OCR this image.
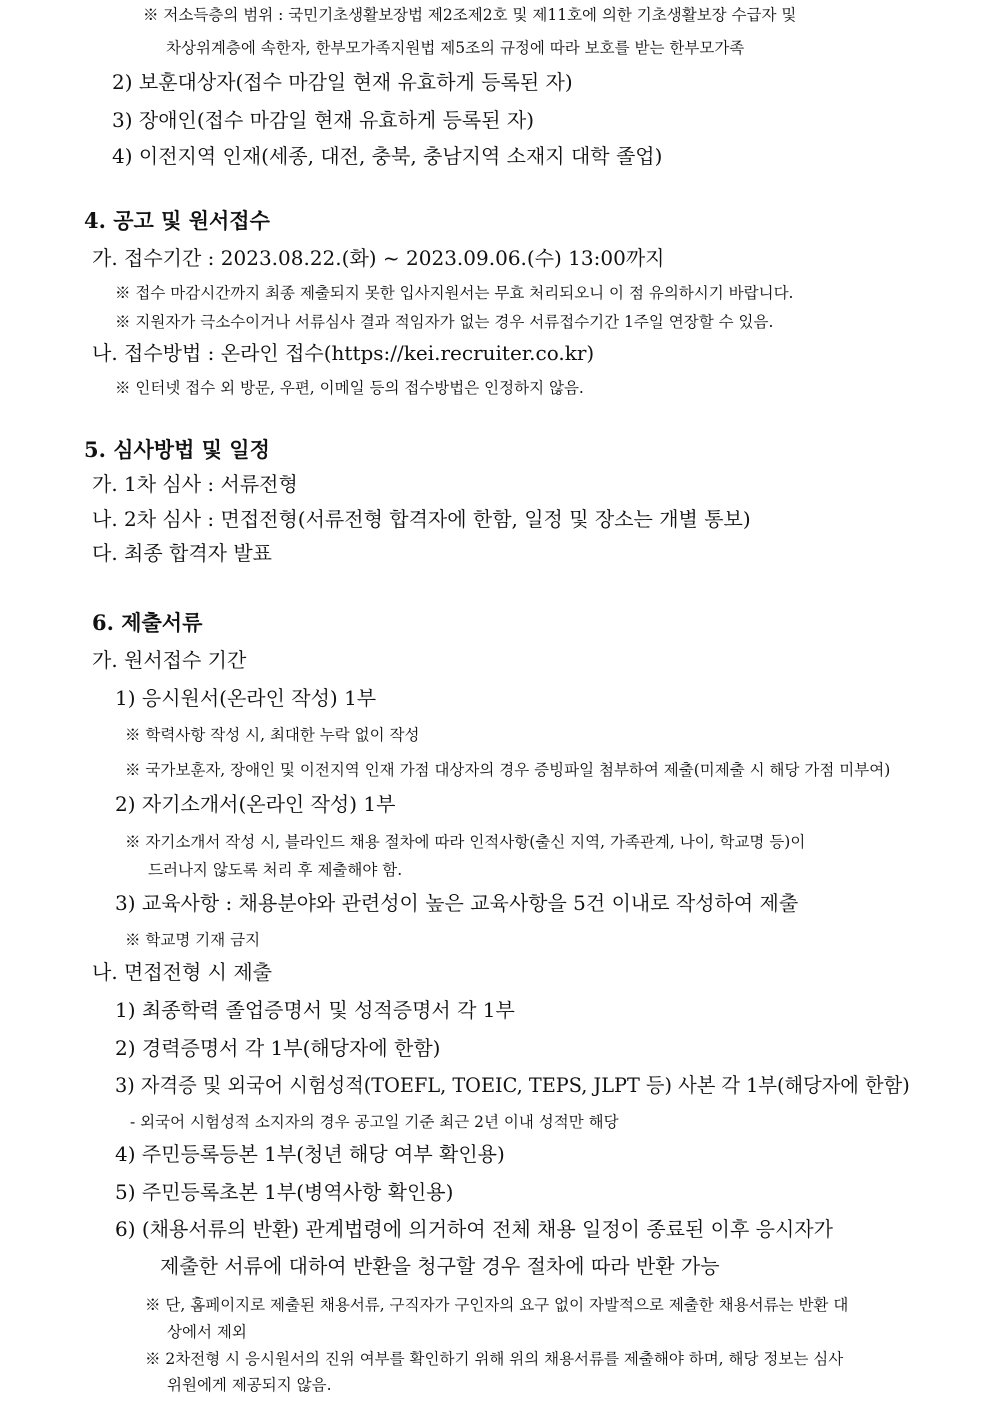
※ 저소득층의 범위 : 국민기초생활보장법 제2조제2호 및 제11호에 의한 기초생활보장 수급자 및
차상위계층에 속한자, 한부모가족지원법 제5조의 규정에 따라 보호를 받는 한부모가족
2) 보훈대상자(접수 마감일 현재 유효하게 등록된 자)
3) 장애인(접수 마감일 현재 유효하게 등록된 자)
4) 이전지역 인재(세종, 대전, 충북, 충남지역 소재지 대학 졸업)
4. 공고 및 원서접수
가. 접수기간 : 2023.08.22.(화) ~ 2023.09.06.(수) 13:00까지
※ 접수 마감시간까지 최종 제출되지 못한 입사지원서는 무효 처리되오니 이 점 유의하시기 바랍니다.
※ 지원자가 극소수이거나 서류심사 결과 적임자가 없는 경우 서류접수기간 1주일 연장할 수 있음.
나. 접수방법 : 온라인 접수(https://kei.recruiter.co.kr)
※ 인터넷 접수 외 방문, 우편, 이메일 등의 접수방법은 인정하지 않음.
5. 심사방법 및 일정
가. 1차 심사 : 서류전형
나. 2차 심사 : 면접전형(서류전형 합격자에 한함, 일정 및 장소는 개별 통보)
다. 최종 합격자 발표
6. 제출서류
가. 원서접수 기간
1) 응시원서(온라인 작성) 1부
※ 학력사항 작성 시, 최대한 누락 없이 작성
※ 국가보훈자, 장애인 및 이전지역 인재 가점 대상자의 경우 증빙파일 첨부하여 제출(미제출 시 해당 가점 미부여)
2) 자기소개서(온라인 작성) 1부
※ 자기소개서 작성 시, 블라인드 채용 절차에 따라 인적사항(출신 지역, 가족관계, 나이, 학교명 등)이
드러나지 않도록 처리 후 제출해야 함.
3) 교육사항 : 채용분야와 관련성이 높은 교육사항을 5건 이내로 작성하여 제출
※ 학교명 기재 금지
나. 면접전형 시 제출
1) 최종학력 졸업증명서 및 성적증명서 각 1부
2) 경력증명서 각 1부(해당자에 한함)
3) 자격증 및 외국어 시험성적(TOEFL, TOEIC, TEPS, JLPT 등) 사본 각 1부(해당자에 한함)
- 외국어 시험성적 소지자의 경우 공고일 기준 최근 2년 이내 성적만 해당
4) 주민등록등본 1부(청년 해당 여부 확인용)
5) 주민등록초본 1부(병역사항 확인용)
6) (채용서류의 반환) 관계법령에 의거하여 전체 채용 일정이 종료된 이후 응시자가
제출한 서류에 대하여 반환을 청구할 경우 절차에 따라 반환 가능
※ 단, 홈페이지로 제출된 채용서류, 구직자가 구인자의 요구 없이 자발적으로 제출한 채용서류는 반환 대
상에서 제외
※ 2차전형 시 응시원서의 진위 여부를 확인하기 위해 위의 채용서류를 제출해야 하며, 해당 정보는 심사
위원에게 제공되지 않음.
